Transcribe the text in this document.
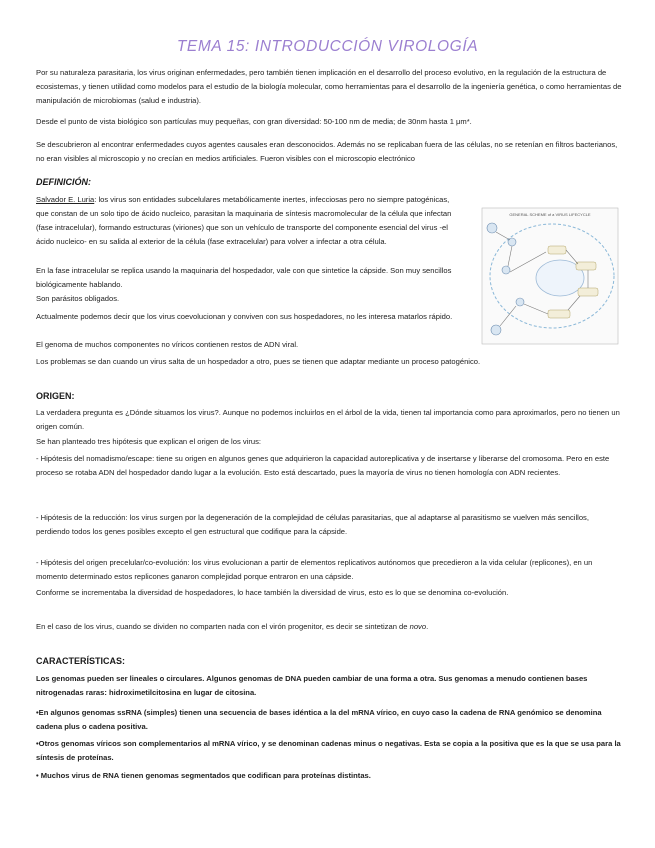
TEMA 15: INTRODUCCIÓN VIROLOGÍA

Por su naturaleza parasitaria, los virus originan enfermedades, pero también tienen implicación en el desarrollo del proceso evolutivo, en la regulación de la estructura de ecosistemas, y tienen utilidad como modelos para el estudio de la biología molecular, como herramientas para el desarrollo de la ingeniería genética, o como herramientas de manipulación de microbiomas (salud e industria).

Desde el punto de vista biológico son partículas muy pequeñas, con gran diversidad: 50-100 nm de media; de 30nm hasta 1 μm*.

Se descubrieron al encontrar enfermedades cuyos agentes causales eran desconocidos. Además no se replicaban fuera de las células, no se retenían en filtros bacterianos, no eran visibles al microscopio y no crecían en medios artificiales. Fueron visibles con el microscopio electrónico

DEFINICIÓN:

Salvador E. Luria: los virus son entidades subcelulares metabólicamente inertes, infecciosas pero no siempre patogénicas, que constan de un solo tipo de ácido nucleico, parasitan la maquinaria de síntesis macromolecular de la célula que infectan (fase intracelular), formando estructuras (viriones) que son un vehículo de transporte del componente esencial del virus -el ácido nucleico- en su salida al exterior de la célula (fase extracelular) para volver a infectar a otra célula.

En la fase intracelular se replica usando la maquinaria del hospedador, vale con que sintetice la cápside. Son muy sencillos biológicamente hablando.

Son parásitos obligados.

Actualmente podemos decir que los virus coevolucionan y conviven con sus hospedadores, no les interesa matarlos rápido.

El genoma de muchos componentes no víricos contienen restos de ADN viral.

Los problemas se dan cuando un virus salta de un hospedador a otro, pues se tienen que adaptar mediante un proceso patogénico.

GENERAL SCHEME of a VIRUS LIFECYCLE
ORIGEN:

La verdadera pregunta es ¿Dónde situamos los virus?. Aunque no podemos incluirlos en el árbol de la vida, tienen tal importancia como para aproximarlos, pero no tienen un origen común.

Se han planteado tres hipótesis que explican el origen de los virus:

- Hipótesis del nomadismo/escape: tiene su origen en algunos genes que adquirieron la capacidad autoreplicativa y de insertarse y liberarse del cromosoma. Pero en este proceso se rotaba ADN del hospedador dando lugar a la evolución. Esto está descartado, pues la mayoría de virus no tienen homología con ADN recientes.

- Hipótesis de la reducción: los virus surgen por la degeneración de la complejidad de células parasitarias, que al adaptarse al parasitismo se vuelven más sencillos, perdiendo todos los genes posibles excepto el gen estructural que codifique para la cápside.

- Hipótesis del origen precelular/co-evolución: los virus evolucionan a partir de elementos replicativos autónomos que precedieron a la vida celular (replicones), en un momento determinado estos replicones ganaron complejidad porque entraron en una cápside.

Conforme se incrementaba la diversidad de hospedadores, lo hace también la diversidad de virus, esto es lo que se denomina co-evolución.

En el caso de los virus, cuando se dividen no comparten nada con el virón progenitor, es decir se sintetizan de novo.

CARACTERÍSTICAS:

Los genomas pueden ser lineales o circulares. Algunos genomas de DNA pueden cambiar de una forma a otra. Sus genomas a menudo contienen bases nitrogenadas raras: hidroximetilcitosina en lugar de citosina.

•En algunos genomas ssRNA (simples) tienen una secuencia de bases idéntica a la del mRNA vírico, en cuyo caso la cadena de RNA genómico se denomina cadena plus o cadena positiva.

•Otros genomas víricos son complementarios al mRNA vírico, y se denominan cadenas minus o negativas. Esta se copia a la positiva que es la que se usa para la síntesis de proteínas.

• Muchos virus de RNA tienen genomas segmentados que codifican para proteínas distintas.
